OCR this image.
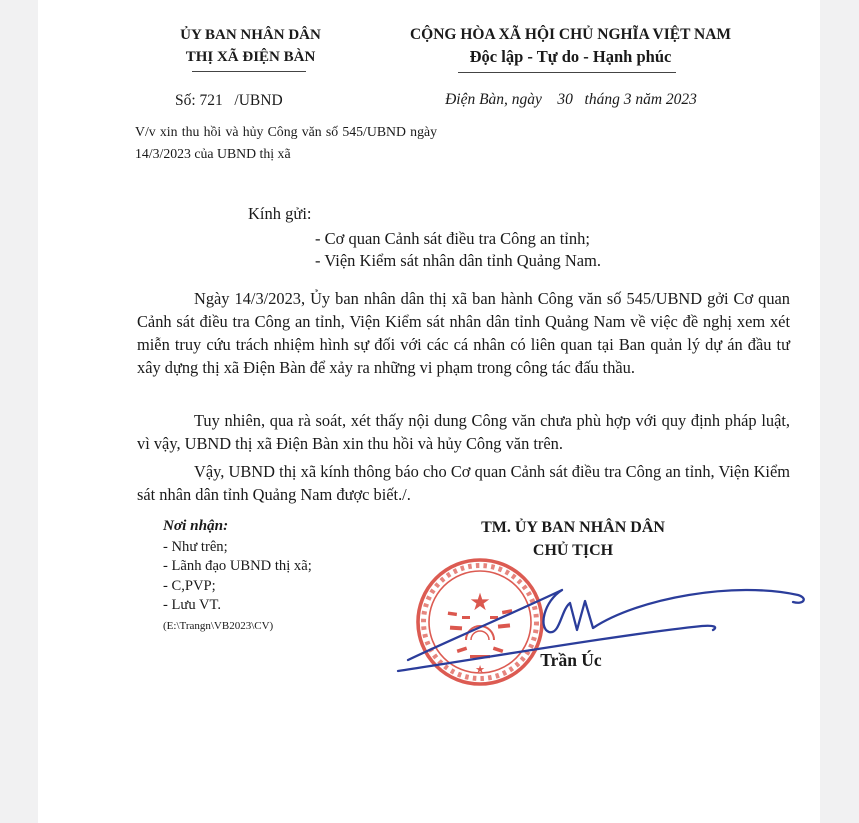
ỦY BAN NHÂN DÂN
THỊ XÃ ĐIỆN BÀN
CỘNG HÒA XÃ HỘI CHỦ NGHĨA VIỆT NAM
Độc lập - Tự do - Hạnh phúc
Số: 721   /UBND	Điện Bàn, ngày    30   tháng 3 năm 2023
V/v xin thu hồi và hủy Công văn số 545/UBND ngày 14/3/2023 của UBND thị xã
Kính gửi:
- Cơ quan Cảnh sát điều tra Công an tỉnh;
- Viện Kiểm sát nhân dân tỉnh Quảng Nam.
Ngày 14/3/2023, Ủy ban nhân dân thị xã ban hành Công văn số 545/UBND gởi Cơ quan Cảnh sát điều tra Công an tỉnh, Viện Kiểm sát nhân dân tỉnh Quảng Nam về việc đề nghị xem xét miễn truy cứu trách nhiệm hình sự đối với các cá nhân có liên quan tại Ban quản lý dự án đầu tư xây dựng thị xã Điện Bàn để xảy ra những vi phạm trong công tác đấu thầu.
Tuy nhiên, qua rà soát, xét thấy nội dung Công văn chưa phù hợp với quy định pháp luật, vì vậy, UBND thị xã Điện Bàn xin thu hồi và hủy Công văn trên.
Vậy, UBND thị xã kính thông báo cho Cơ quan Cảnh sát điều tra Công an tỉnh, Viện Kiểm sát nhân dân tỉnh Quảng Nam được biết./.
Nơi nhận:
- Như trên;
- Lãnh đạo UBND thị xã;
- C,PVP;
- Lưu VT.
(E:\Trangn\VB2023\CV)
TM. ỦY BAN NHÂN DÂN
CHỦ TỊCH
★
★	Trần Úc
